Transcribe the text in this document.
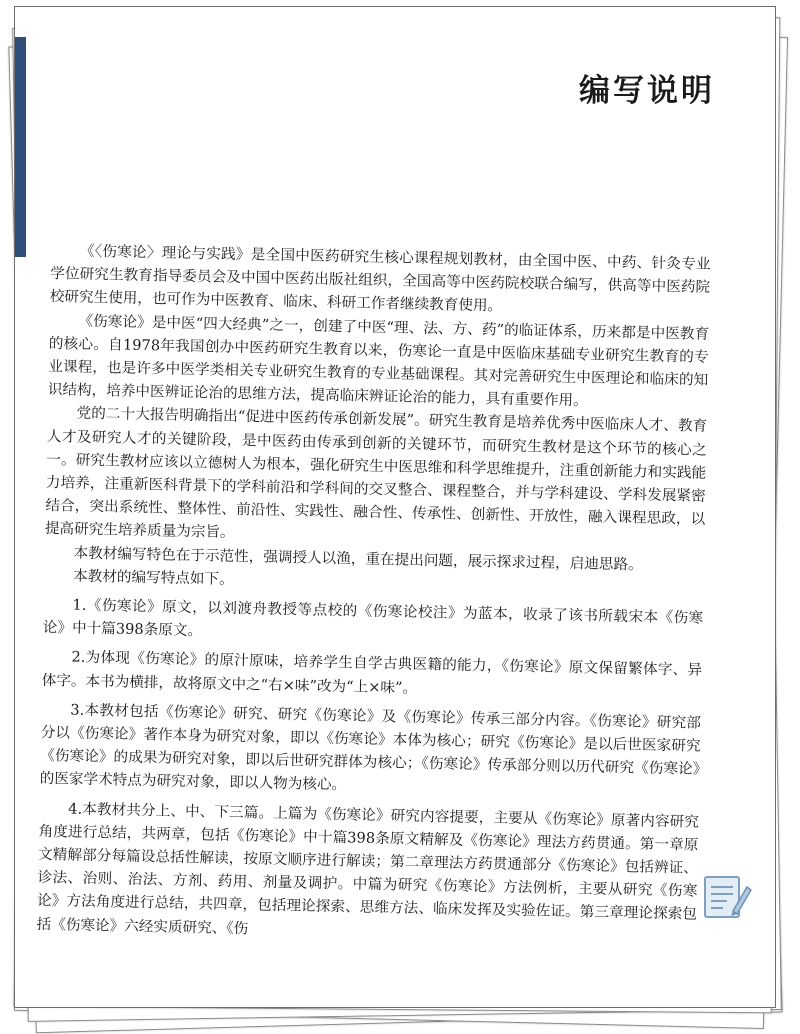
编写说明

《〈伤寒论〉理论与实践》是全国中医药研究生核心课程规划教材，由全国中医、中药、针灸专业学位研究生教育指导委员会及中国中医药出版社组织，全国高等中医药院校联合编写，供高等中医药院校研究生使用，也可作为中医教育、临床、科研工作者继续教育使用。

《伤寒论》是中医“四大经典”之一，创建了中医“理、法、方、药”的临证体系，历来都是中医教育的核心。自1978年我国创办中医药研究生教育以来，伤寒论一直是中医临床基础专业研究生教育的专业课程，也是许多中医学类相关专业研究生教育的专业基础课程。其对完善研究生中医理论和临床的知识结构，培养中医辨证论治的思维方法，提高临床辨证论治的能力，具有重要作用。

党的二十大报告明确指出“促进中医药传承创新发展”。研究生教育是培养优秀中医临床人才、教育人才及研究人才的关键阶段，是中医药由传承到创新的关键环节，而研究生教材是这个环节的核心之一。研究生教材应该以立德树人为根本，强化研究生中医思维和科学思维提升，注重创新能力和实践能力培养，注重新医科背景下的学科前沿和学科间的交叉整合、课程整合，并与学科建设、学科发展紧密结合，突出系统性、整体性、前沿性、实践性、融合性、传承性、创新性、开放性，融入课程思政，以提高研究生培养质量为宗旨。

本教材编写特色在于示范性，强调授人以渔，重在提出问题，展示探求过程，启迪思路。

本教材的编写特点如下。

1.《伤寒论》原文，以刘渡舟教授等点校的《伤寒论校注》为蓝本，收录了该书所载宋本《伤寒论》中十篇398条原文。

2.为体现《伤寒论》的原汁原味，培养学生自学古典医籍的能力，《伤寒论》原文保留繁体字、异体字。本书为横排，故将原文中之“右×味”改为“上×味”。

3.本教材包括《伤寒论》研究、研究《伤寒论》及《伤寒论》传承三部分内容。《伤寒论》研究部分以《伤寒论》著作本身为研究对象，即以《伤寒论》本体为核心；研究《伤寒论》是以后世医家研究《伤寒论》的成果为研究对象，即以后世研究群体为核心；《伤寒论》传承部分则以历代研究《伤寒论》的医家学术特点为研究对象，即以人物为核心。

4.本教材共分上、中、下三篇。上篇为《伤寒论》研究内容提要，主要从《伤寒论》原著内容研究角度进行总结，共两章，包括《伤寒论》中十篇398条原文精解及《伤寒论》理法方药贯通。第一章原文精解部分每篇设总括性解读，按原文顺序进行解读；第二章理法方药贯通部分《伤寒论》包括辨证、诊法、治则、治法、方剂、药用、剂量及调护。中篇为研究《伤寒论》方法例析，主要从研究《伤寒论》方法角度进行总结，共四章，包括理论探索、思维方法、临床发挥及实验佐证。第三章理论探索包括《伤寒论》六经实质研究、《伤
